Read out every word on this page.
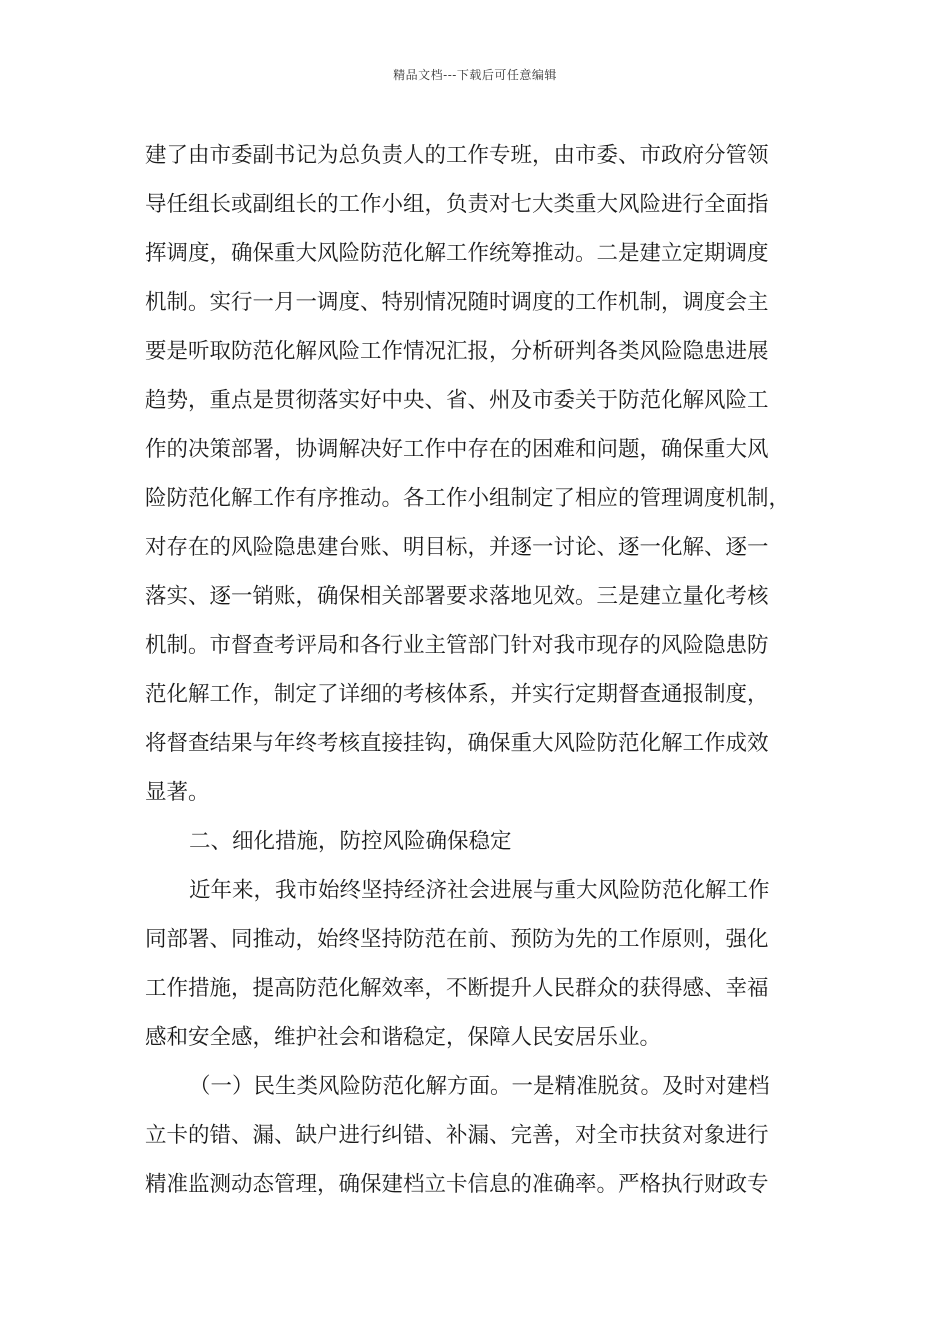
精品文档---下载后可任意编辑
建了由市委副书记为总负责人的工作专班，由市委、市政府分管领
导任组长或副组长的工作小组，负责对七大类重大风险进行全面指
挥调度，确保重大风险防范化解工作统筹推动。二是建立定期调度
机制。实行一月一调度、特别情况随时调度的工作机制，调度会主
要是听取防范化解风险工作情况汇报，分析研判各类风险隐患进展
趋势，重点是贯彻落实好中央、省、州及市委关于防范化解风险工
作的决策部署，协调解决好工作中存在的困难和问题，确保重大风
险防范化解工作有序推动。各工作小组制定了相应的管理调度机制，
对存在的风险隐患建台账、明目标，并逐一讨论、逐一化解、逐一
落实、逐一销账，确保相关部署要求落地见效。三是建立量化考核
机制。市督查考评局和各行业主管部门针对我市现存的风险隐患防
范化解工作，制定了详细的考核体系，并实行定期督查通报制度，
将督查结果与年终考核直接挂钩，确保重大风险防范化解工作成效
显著。
二、细化措施，防控风险确保稳定
近年来，我市始终坚持经济社会进展与重大风险防范化解工作
同部署、同推动，始终坚持防范在前、预防为先的工作原则，强化
工作措施，提高防范化解效率，不断提升人民群众的获得感、幸福
感和安全感，维护社会和谐稳定，保障人民安居乐业。
（一）民生类风险防范化解方面。一是精准脱贫。及时对建档
立卡的错、漏、缺户进行纠错、补漏、完善，对全市扶贫对象进行
精准监测动态管理，确保建档立卡信息的准确率。严格执行财政专
